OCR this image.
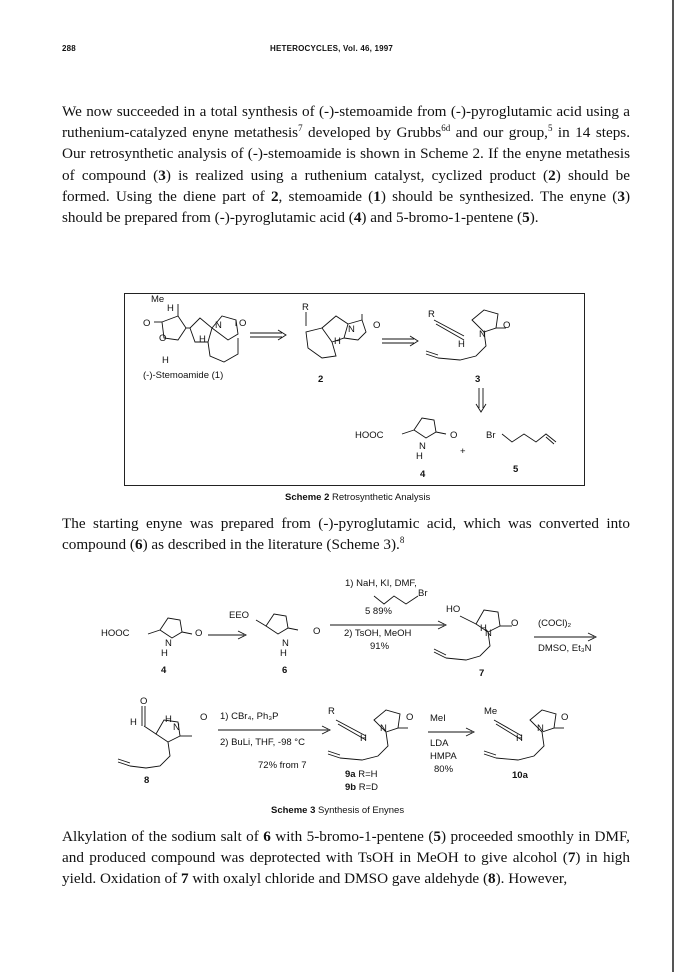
288	HETEROCYCLES, Vol. 46, 1997
We now succeeded in a total synthesis of (-)-stemoamide from (-)-pyroglutamic acid using a ruthenium-catalyzed enyne metathesis$^7$ developed by Grubbs$^{6d}$ and our group,$^5$ in 14 steps. Our retrosynthetic analysis of (-)-stemoamide is shown in Scheme 2. If the enyne metathesis of compound (3) is realized using a ruthenium catalyst, cyclized product (2) should be formed. Using the diene part of 2, stemoamide (1) should be synthesized. The enyne (3) should be prepared from (-)-pyroglutamic acid (4) and 5-bromo-1-pentene (5).
Me
H
O
O	H
N O
H
(-)-Stemoamide (1)
R
H
N O
2
R
N
H
O
3
HOOC
N
H
O
4
+
Br
5
Scheme 2 Retrosynthetic Analysis
The starting enyne was prepared from (-)-pyroglutamic acid, which was converted into compound (6) as described in the literature (Scheme 3).$^8$
HOOC
N
H
O
4
EEO
N
H
O
6
1) NaH, KI, DMF,
Br
5 89%
2) TsOH, MeOH
91%
HO
N
H	O
7
(COCl)₂
DMSO, Et₃N
O
H	N
H	O
8
1) CBr₄, Ph₃P
2) BuLi, THF, -98 °C
72% from 7
R
N
H
O
9a R=H
9b R=D
MeI
LDA
HMPA
80%
Me
N
H
O
10a
Scheme 3 Synthesis of Enynes
Alkylation of the sodium salt of 6 with 5-bromo-1-pentene (5) proceeded smoothly in DMF, and produced compound was deprotected with TsOH in MeOH to give alcohol (7) in high yield. Oxidation of 7 with oxalyl chloride and DMSO gave aldehyde (8). However,
